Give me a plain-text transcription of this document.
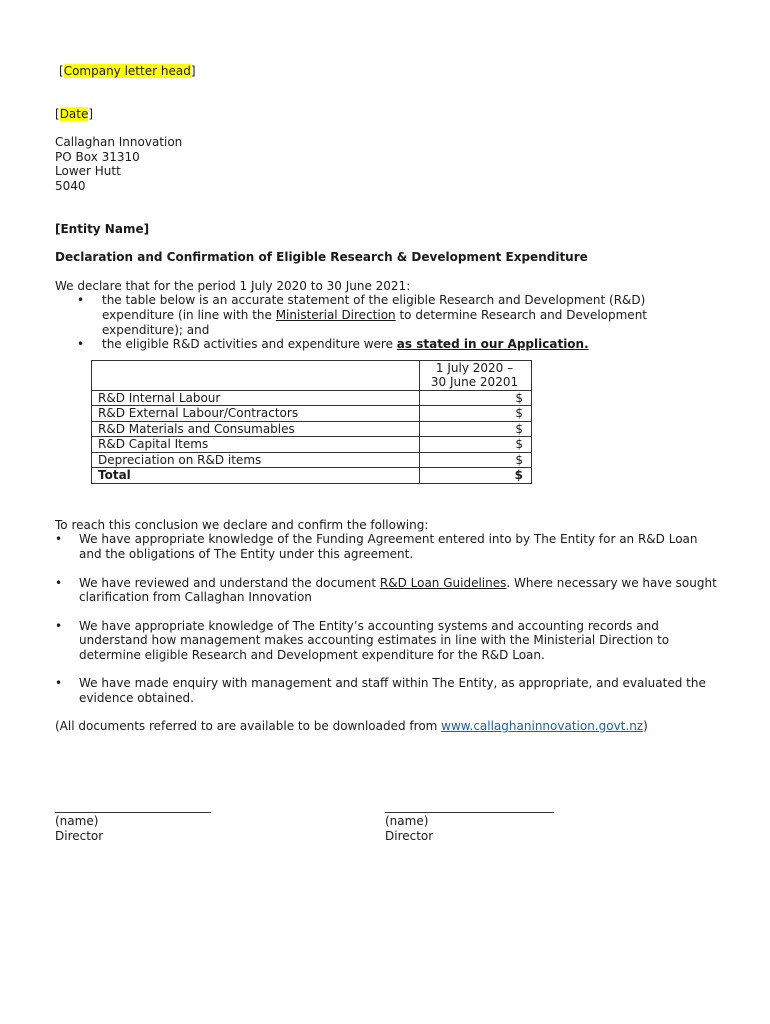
[Company letter head]

[Date]

Callaghan Innovation

PO Box 31310

Lower Hutt

5040

[Entity Name]

Declaration and Confirmation of Eligible Research & Development Expenditure

We declare that for the period 1 July 2020 to 30 June 2021:

• the table below is an accurate statement of the eligible Research and Development (R&D) expenditure (in line with the Ministerial Direction to determine Research and Development expenditure); and
• the eligible R&D activities and expenditure were as stated in our Application.

	1 July 2020 –
30 June 20201

R&D Internal Labour	$
R&D External Labour/Contractors	$
R&D Materials and Consumables	$
R&D Capital Items	$
Depreciation on R&D items	$
Total	$

To reach this conclusion we declare and confirm the following:

• We have appropriate knowledge of the Funding Agreement entered into by The Entity for an R&D Loan and the obligations of The Entity under this agreement.
• We have reviewed and understand the document R&D Loan Guidelines. Where necessary we have sought clarification from Callaghan Innovation
• We have appropriate knowledge of The Entity’s accounting systems and accounting records and understand how management makes accounting estimates in line with the Ministerial Direction to determine eligible Research and Development expenditure for the R&D Loan.
• We have made enquiry with management and staff within The Entity, as appropriate, and evaluated the evidence obtained.

(All documents referred to are available to be downloaded from www.callaghaninnovation.govt.nz)

(name)
Director
(name)
Director
